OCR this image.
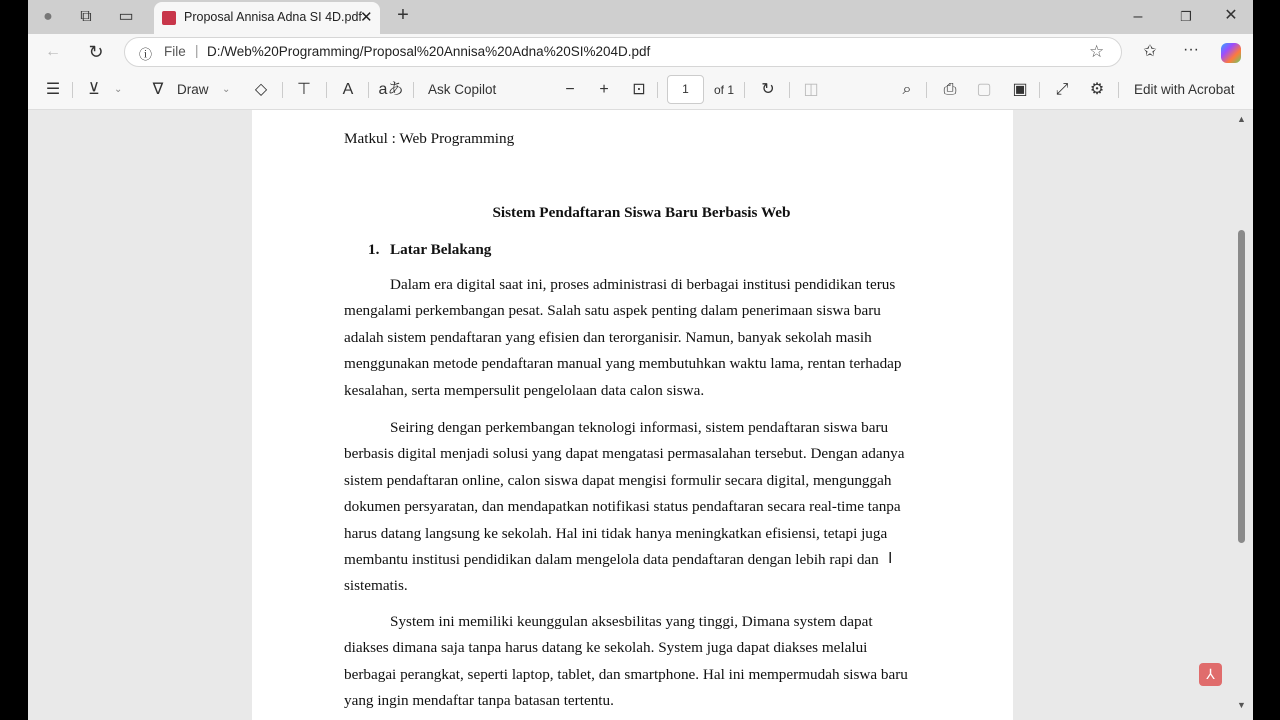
●	⧉	▭	Proposal Annisa Adna SI 4D.pdf
✕	+	–	❐	✕
← ↻	ⓘ File | D:/Web%20Programming/Proposal%20Annisa%20Adna%20SI%204D.pdf	☆	✩	···
☰	⊻	⌄	∇	Draw ⌄	◇	⊤	A	aあ Ask Copilot	−	+	⊡	1	of 1	↻	◫	⌕	⎙	▢ ▣	⤢	⚙	Edit with Acrobat
Matkul : Web Programming
Sistem Pendaftaran Siswa Baru Berbasis Web
1. Latar Belakang
Dalam era digital saat ini, proses administrasi di berbagai institusi pendidikan terus
mengalami perkembangan pesat. Salah satu aspek penting dalam penerimaan siswa baru
adalah sistem pendaftaran yang efisien dan terorganisir. Namun, banyak sekolah masih
menggunakan metode pendaftaran manual yang membutuhkan waktu lama, rentan terhadap
kesalahan, serta mempersulit pengelolaan data calon siswa.
Seiring dengan perkembangan teknologi informasi, sistem pendaftaran siswa baru
berbasis digital menjadi solusi yang dapat mengatasi permasalahan tersebut. Dengan adanya
sistem pendaftaran online, calon siswa dapat mengisi formulir secara digital, mengunggah
dokumen persyaratan, dan mendapatkan notifikasi status pendaftaran secara real-time tanpa
harus datang langsung ke sekolah. Hal ini tidak hanya meningkatkan efisiensi, tetapi juga
membantu institusi pendidikan dalam mengelola data pendaftaran dengan lebih rapi dan
sistematis.
System ini memiliki keunggulan aksesbilitas yang tinggi, Dimana system dapat
diakses dimana saja tanpa harus datang ke sekolah. System juga dapat diakses melalui
berbagai perangkat, seperti laptop, tablet, dan smartphone. Hal ini mempermudah siswa baru
yang ingin mendaftar tanpa batasan tertentu.
I
▲
▼
⅄
